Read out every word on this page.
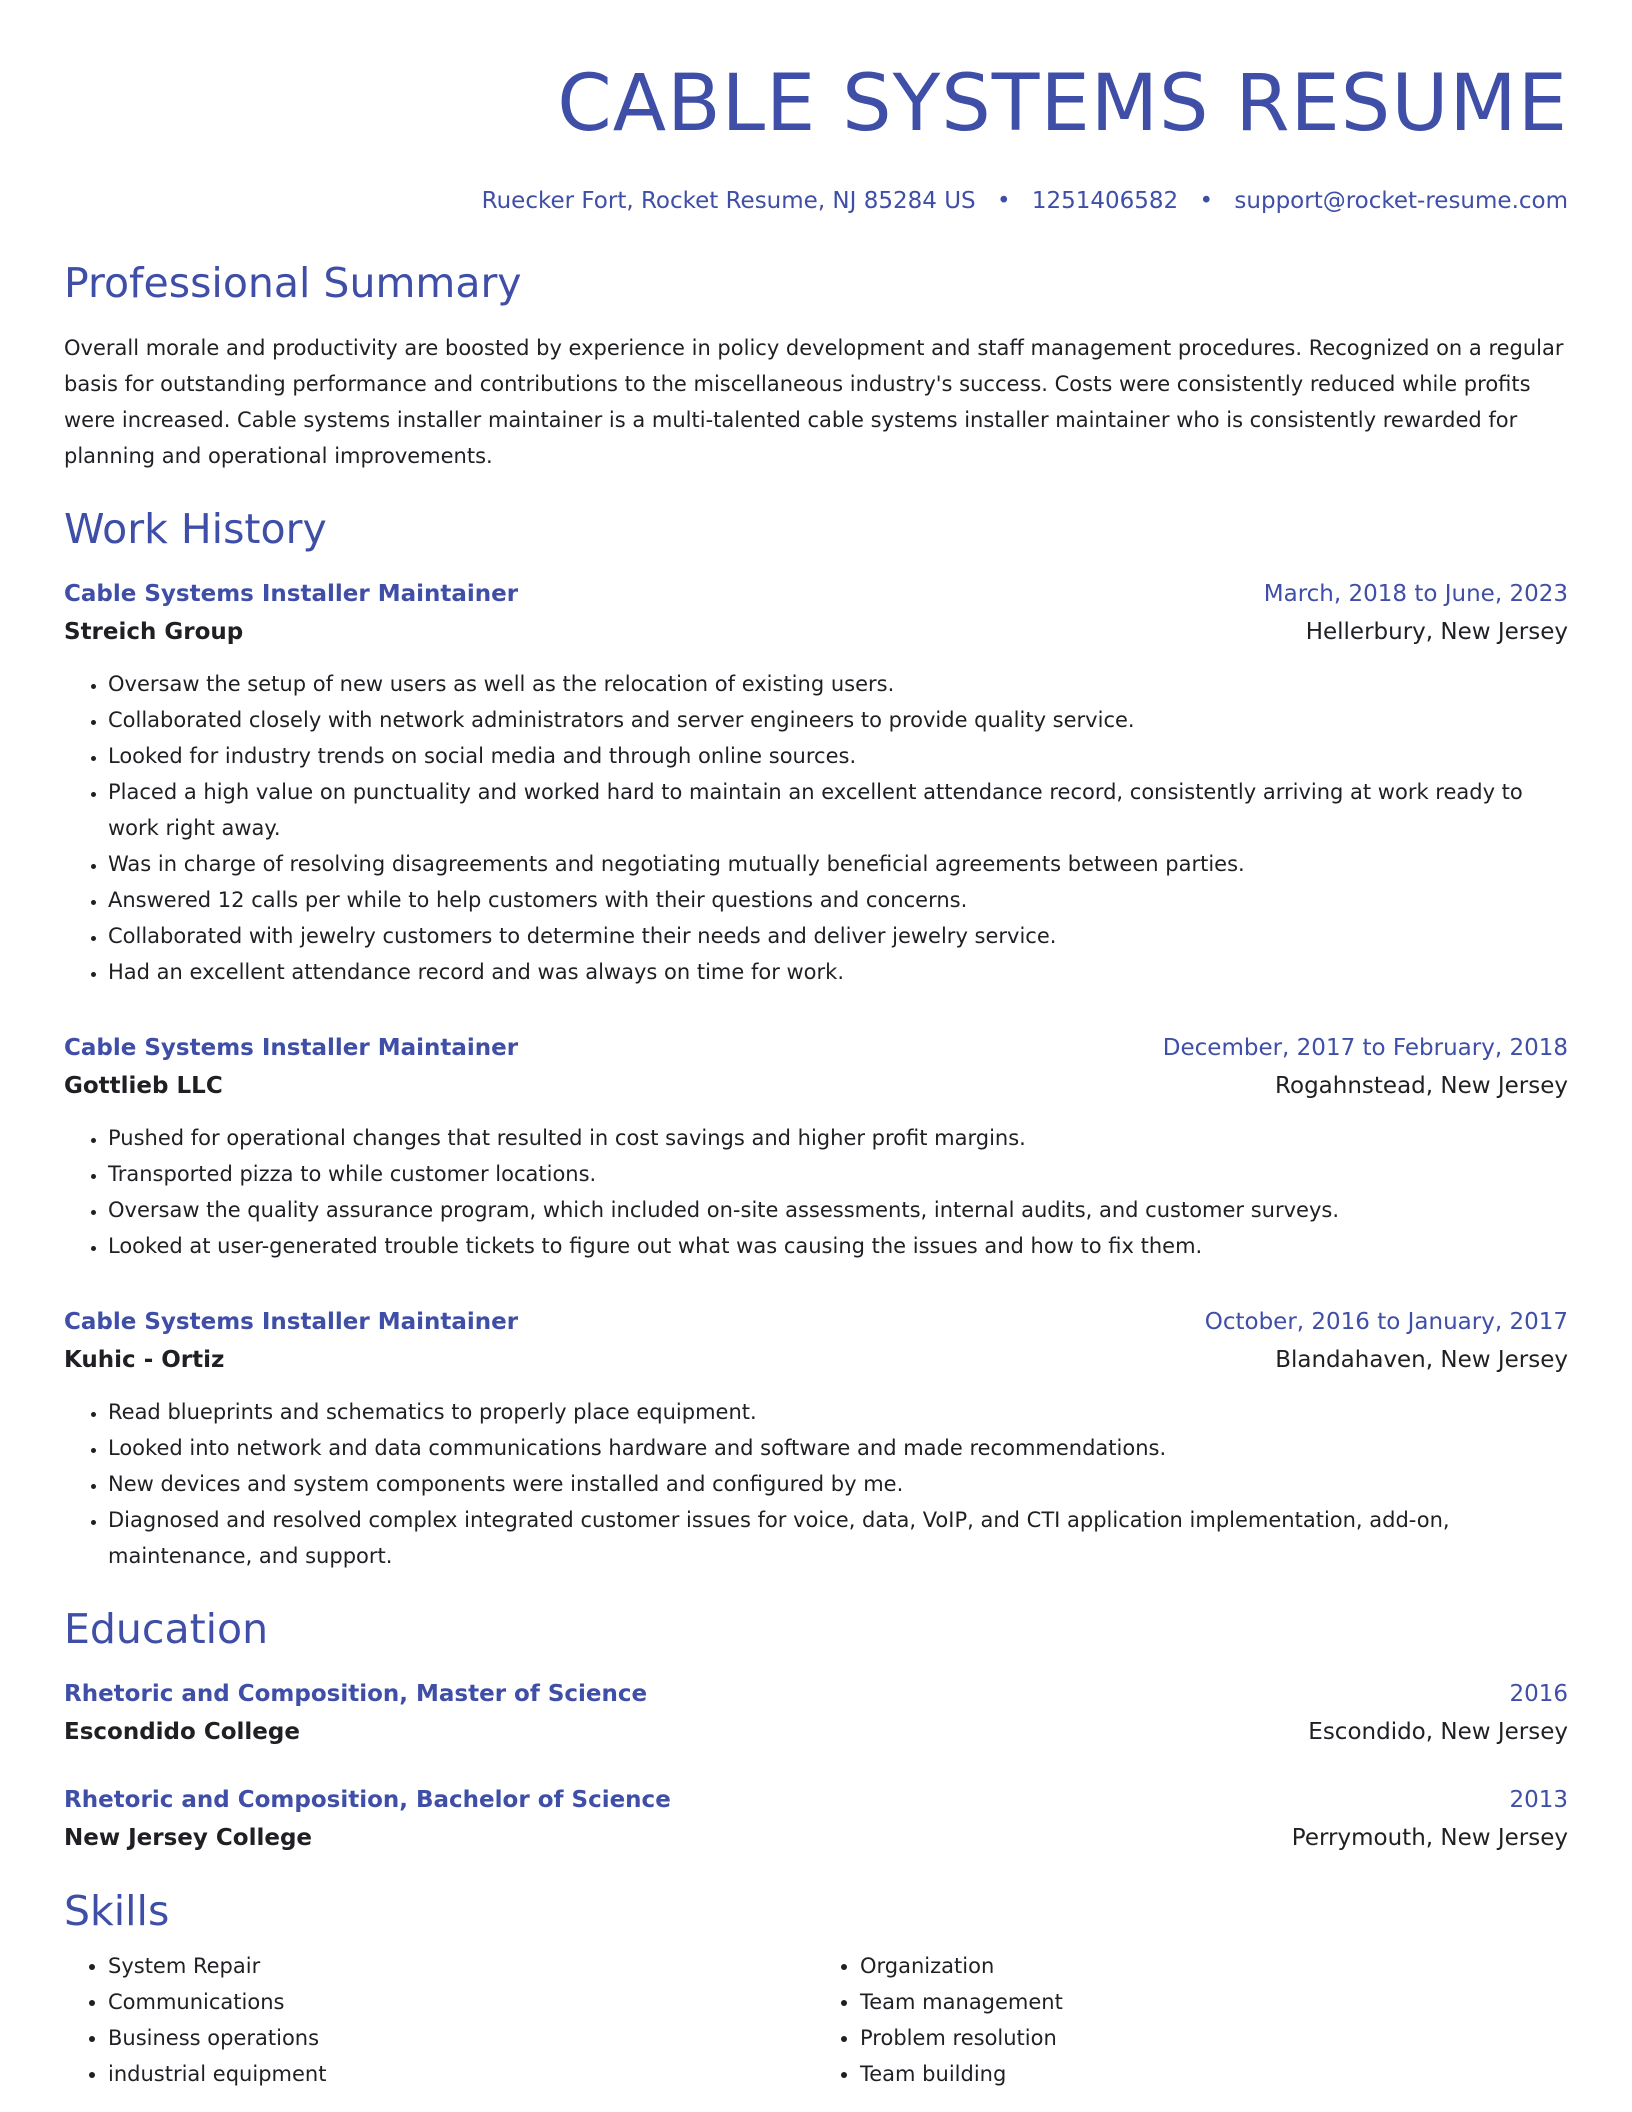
CABLE SYSTEMS RESUME
Ruecker Fort, Rocket Resume, NJ 85284 US • 1251406582 • support@rocket-resume.com
Professional Summary

Overall morale and productivity are boosted by experience in policy development and staff management procedures. Recognized on a regular basis for outstanding performance and contributions to the miscellaneous industry's success. Costs were consistently reduced while profits were increased. Cable systems installer maintainer is a multi-talented cable systems installer maintainer who is consistently rewarded for planning and operational improvements.

Work History
Cable Systems Installer Maintainer	March, 2018 to June, 2023
Streich Group	Hellerbury, New Jersey
• Oversaw the setup of new users as well as the relocation of existing users.
• Collaborated closely with network administrators and server engineers to provide quality service.
• Looked for industry trends on social media and through online sources.
• Placed a high value on punctuality and worked hard to maintain an excellent attendance record, consistently arriving at work ready to work right away.
• Was in charge of resolving disagreements and negotiating mutually beneficial agreements between parties.
• Answered 12 calls per while to help customers with their questions and concerns.
• Collaborated with jewelry customers to determine their needs and deliver jewelry service.
• Had an excellent attendance record and was always on time for work.
Cable Systems Installer Maintainer	December, 2017 to February, 2018
Gottlieb LLC	Rogahnstead, New Jersey
• Pushed for operational changes that resulted in cost savings and higher profit margins.
• Transported pizza to while customer locations.
• Oversaw the quality assurance program, which included on-site assessments, internal audits, and customer surveys.
• Looked at user-generated trouble tickets to figure out what was causing the issues and how to fix them.
Cable Systems Installer Maintainer	October, 2016 to January, 2017
Kuhic - Ortiz	Blandahaven, New Jersey
• Read blueprints and schematics to properly place equipment.
• Looked into network and data communications hardware and software and made recommendations.
• New devices and system components were installed and configured by me.
• Diagnosed and resolved complex integrated customer issues for voice, data, VoIP, and CTI application implementation, add-on, maintenance, and support.
Education
Rhetoric and Composition, Master of Science	2016
Escondido College	Escondido, New Jersey
Rhetoric and Composition, Bachelor of Science	2013
New Jersey College	Perrymouth, New Jersey
Skills
• System Repair
• Communications
• Business operations
• industrial equipment
• Organization
• Team management
• Problem resolution
• Team building
